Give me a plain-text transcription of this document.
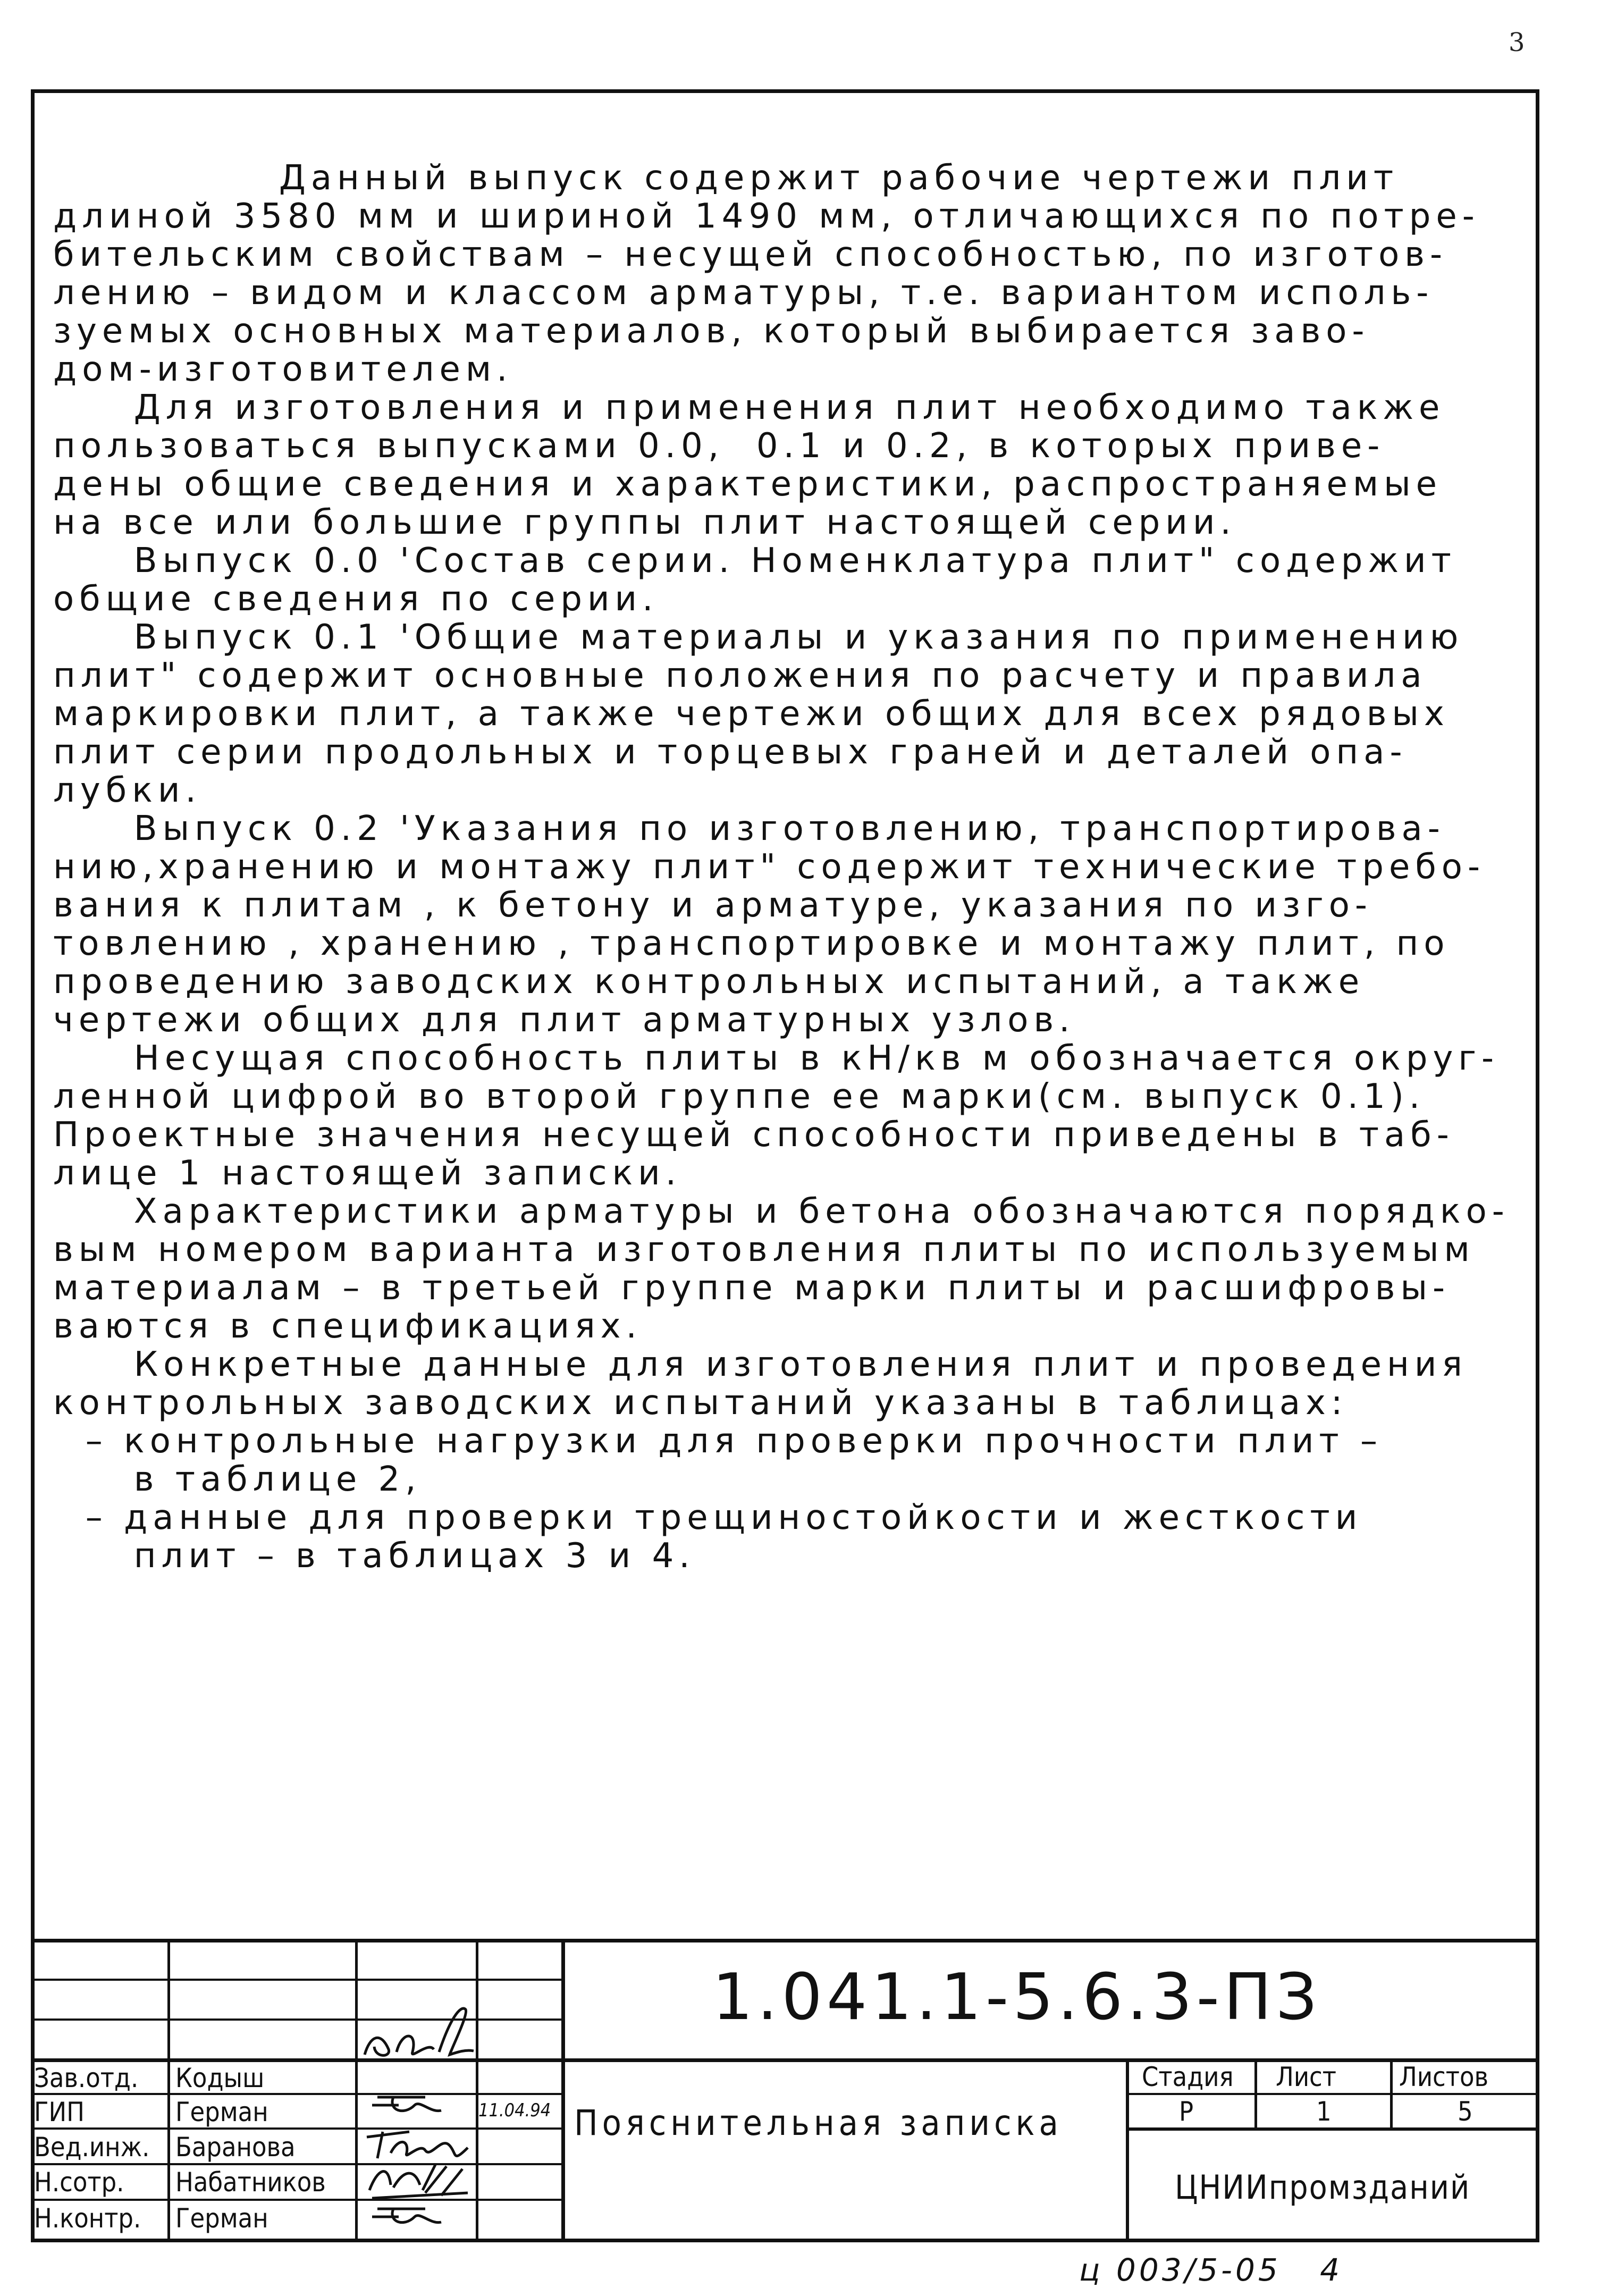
3
Данный выпуск содержит рабочие чертежи плит
длиной 3580 мм и шириной 1490 мм, отличающихся по потре-
бительским свойствам – несущей способностью, по изготов-
лению – видом и классом арматуры, т.е. вариантом исполь-
зуемых основных материалов, который выбирается заво-
дом-изготовителем.
Для изготовления и применения плит необходимо также
пользоваться выпусками 0.0,  0.1 и 0.2, в которых приве-
дены общие сведения и характеристики, распространяемые
на все или большие группы плит настоящей серии.
Выпуск 0.0 'Состав серии. Номенклатура плит" содержит
общие сведения по серии.
Выпуск 0.1 'Общие материалы и указания по применению
плит" содержит основные положения по расчету и правила
маркировки плит, а также чертежи общих для всех рядовых
плит серии продольных и торцевых граней и деталей опа-
лубки.
Выпуск 0.2 'Указания по изготовлению, транспортирова-
нию,хранению и монтажу плит" содержит технические требо-
вания к плитам , к бетону и арматуре, указания по изго-
товлению , хранению , транспортировке и монтажу плит, по
проведению заводских контрольных испытаний, а также
чертежи общих для плит арматурных узлов.
Несущая способность плиты в кН/кв м обозначается округ-
ленной цифрой во второй группе ее марки(см. выпуск 0.1).
Проектные значения несущей способности приведены в таб-
лице 1 настоящей записки.
Характеристики арматуры и бетона обозначаются порядко-
вым номером варианта изготовления плиты по используемым
материалам – в третьей группе марки плиты и расшифровы-
ваются в спецификациях.
Конкретные данные для изготовления плит и проведения
контрольных заводских испытаний указаны в таблицах:
– контрольные нагрузки для проверки прочности плит –
в таблице 2,
– данные для проверки трещиностойкости и жесткости
плит – в таблицах 3 и 4.
1.041.1-5.6.3-ПЗ
Пояснительная записка
Стадия Лист Листов
Р	1	5
ЦНИИпромзданий
11.04.94
Зав.отд.
ГИП
Вед.инж.
Н.сотр.
Н.контр.
Кодыш
Герман
Баранова
Набатников
Герман
ц 003/5-05   4
